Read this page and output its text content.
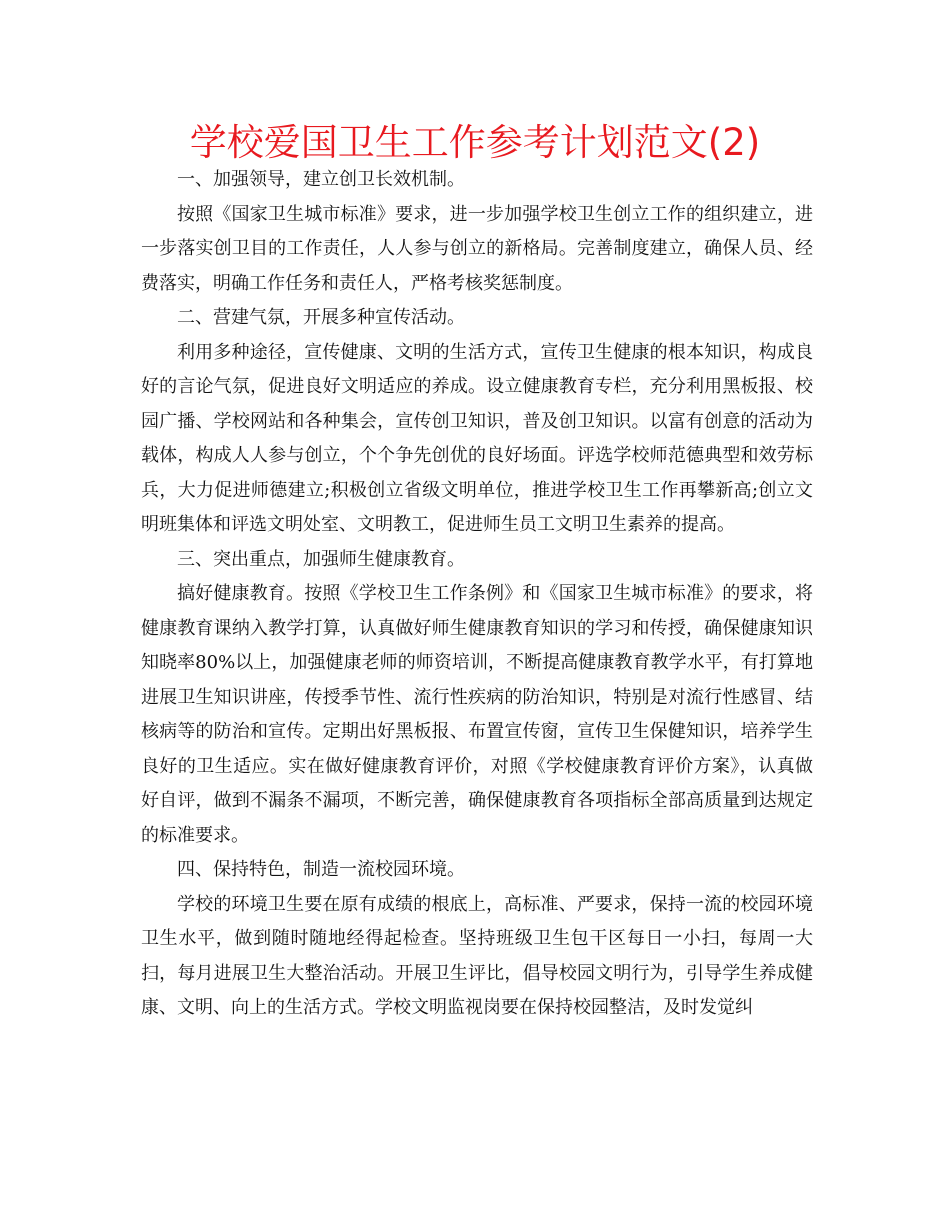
学校爱国卫生工作参考计划范文(2)

一、加强领导，建立创卫长效机制。

按照《国家卫生城市标准》要求，进一步加强学校卫生创立工作的组织建立，进一步落实创卫目的工作责任，人人参与创立的新格局。完善制度建立，确保人员、经费落实，明确工作任务和责任人，严格考核奖惩制度。

二、营建气氛，开展多种宣传活动。

利用多种途径，宣传健康、文明的生活方式，宣传卫生健康的根本知识，构成良好的言论气氛，促进良好文明适应的养成。设立健康教育专栏，充分利用黑板报、校园广播、学校网站和各种集会，宣传创卫知识，普及创卫知识。以富有创意的活动为载体，构成人人参与创立，个个争先创优的良好场面。评选学校师范德典型和效劳标兵，大力促进师德建立;积极创立省级文明单位，推进学校卫生工作再攀新高;创立文明班集体和评选文明处室、文明教工，促进师生员工文明卫生素养的提高。

三、突出重点，加强师生健康教育。

搞好健康教育。按照《学校卫生工作条例》和《国家卫生城市标准》的要求，将健康教育课纳入教学打算，认真做好师生健康教育知识的学习和传授，确保健康知识知晓率80%以上，加强健康老师的师资培训，不断提高健康教育教学水平，有打算地进展卫生知识讲座，传授季节性、流行性疾病的防治知识，特别是对流行性感冒、结核病等的防治和宣传。定期出好黑板报、布置宣传窗，宣传卫生保健知识，培养学生良好的卫生适应。实在做好健康教育评价，对照《学校健康教育评价方案》，认真做好自评，做到不漏条不漏项，不断完善，确保健康教育各项指标全部高质量到达规定的标准要求。

四、保持特色，制造一流校园环境。

学校的环境卫生要在原有成绩的根底上，高标准、严要求，保持一流的校园环境卫生水平，做到随时随地经得起检查。坚持班级卫生包干区每日一小扫，每周一大扫，每月进展卫生大整治活动。开展卫生评比，倡导校园文明行为，引导学生养成健康、文明、向上的生活方式。学校文明监视岗要在保持校园整洁，及时发觉纠
